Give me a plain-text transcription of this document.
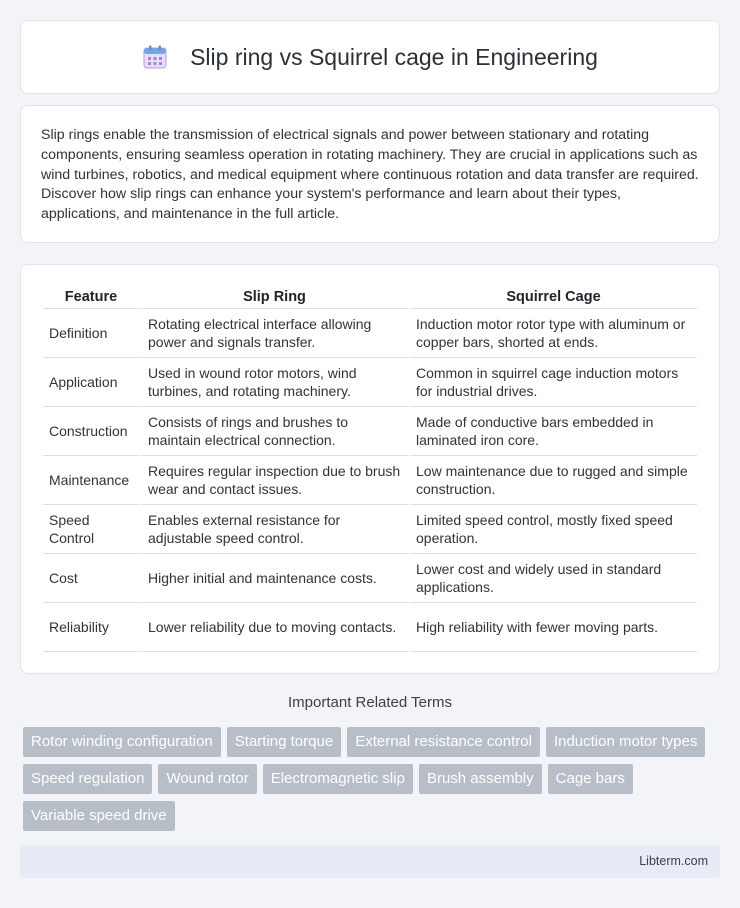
Slip ring vs Squirrel cage in Engineering

Slip rings enable the transmission of electrical signals and power between stationary and rotating components, ensuring seamless operation in rotating machinery. They are crucial in applications such as wind turbines, robotics, and medical equipment where continuous rotation and data transfer are required. Discover how slip rings can enhance your system's performance and learn about their types, applications, and maintenance in the full article.

Feature	Slip Ring	Squirrel Cage
Definition	Rotating electrical interface allowing power and signals transfer.	Induction motor rotor type with aluminum or copper bars, shorted at ends.
Application	Used in wound rotor motors, wind turbines, and rotating machinery.	Common in squirrel cage induction motors for industrial drives.
Construction	Consists of rings and brushes to maintain electrical connection.	Made of conductive bars embedded in laminated iron core.
Maintenance	Requires regular inspection due to brush wear and contact issues.	Low maintenance due to rugged and simple construction.
Speed Control	Enables external resistance for adjustable speed control.	Limited speed control, mostly fixed speed operation.
Cost	Higher initial and maintenance costs.	Lower cost and widely used in standard applications.
Reliability	Lower reliability due to moving contacts.	High reliability with fewer moving parts.
Important Related Terms
Rotor winding configuration	Starting torque	External resistance control	Induction motor types
Speed regulation	Wound rotor	Electromagnetic slip	Brush assembly	Cage bars
Variable speed drive
Libterm.com
